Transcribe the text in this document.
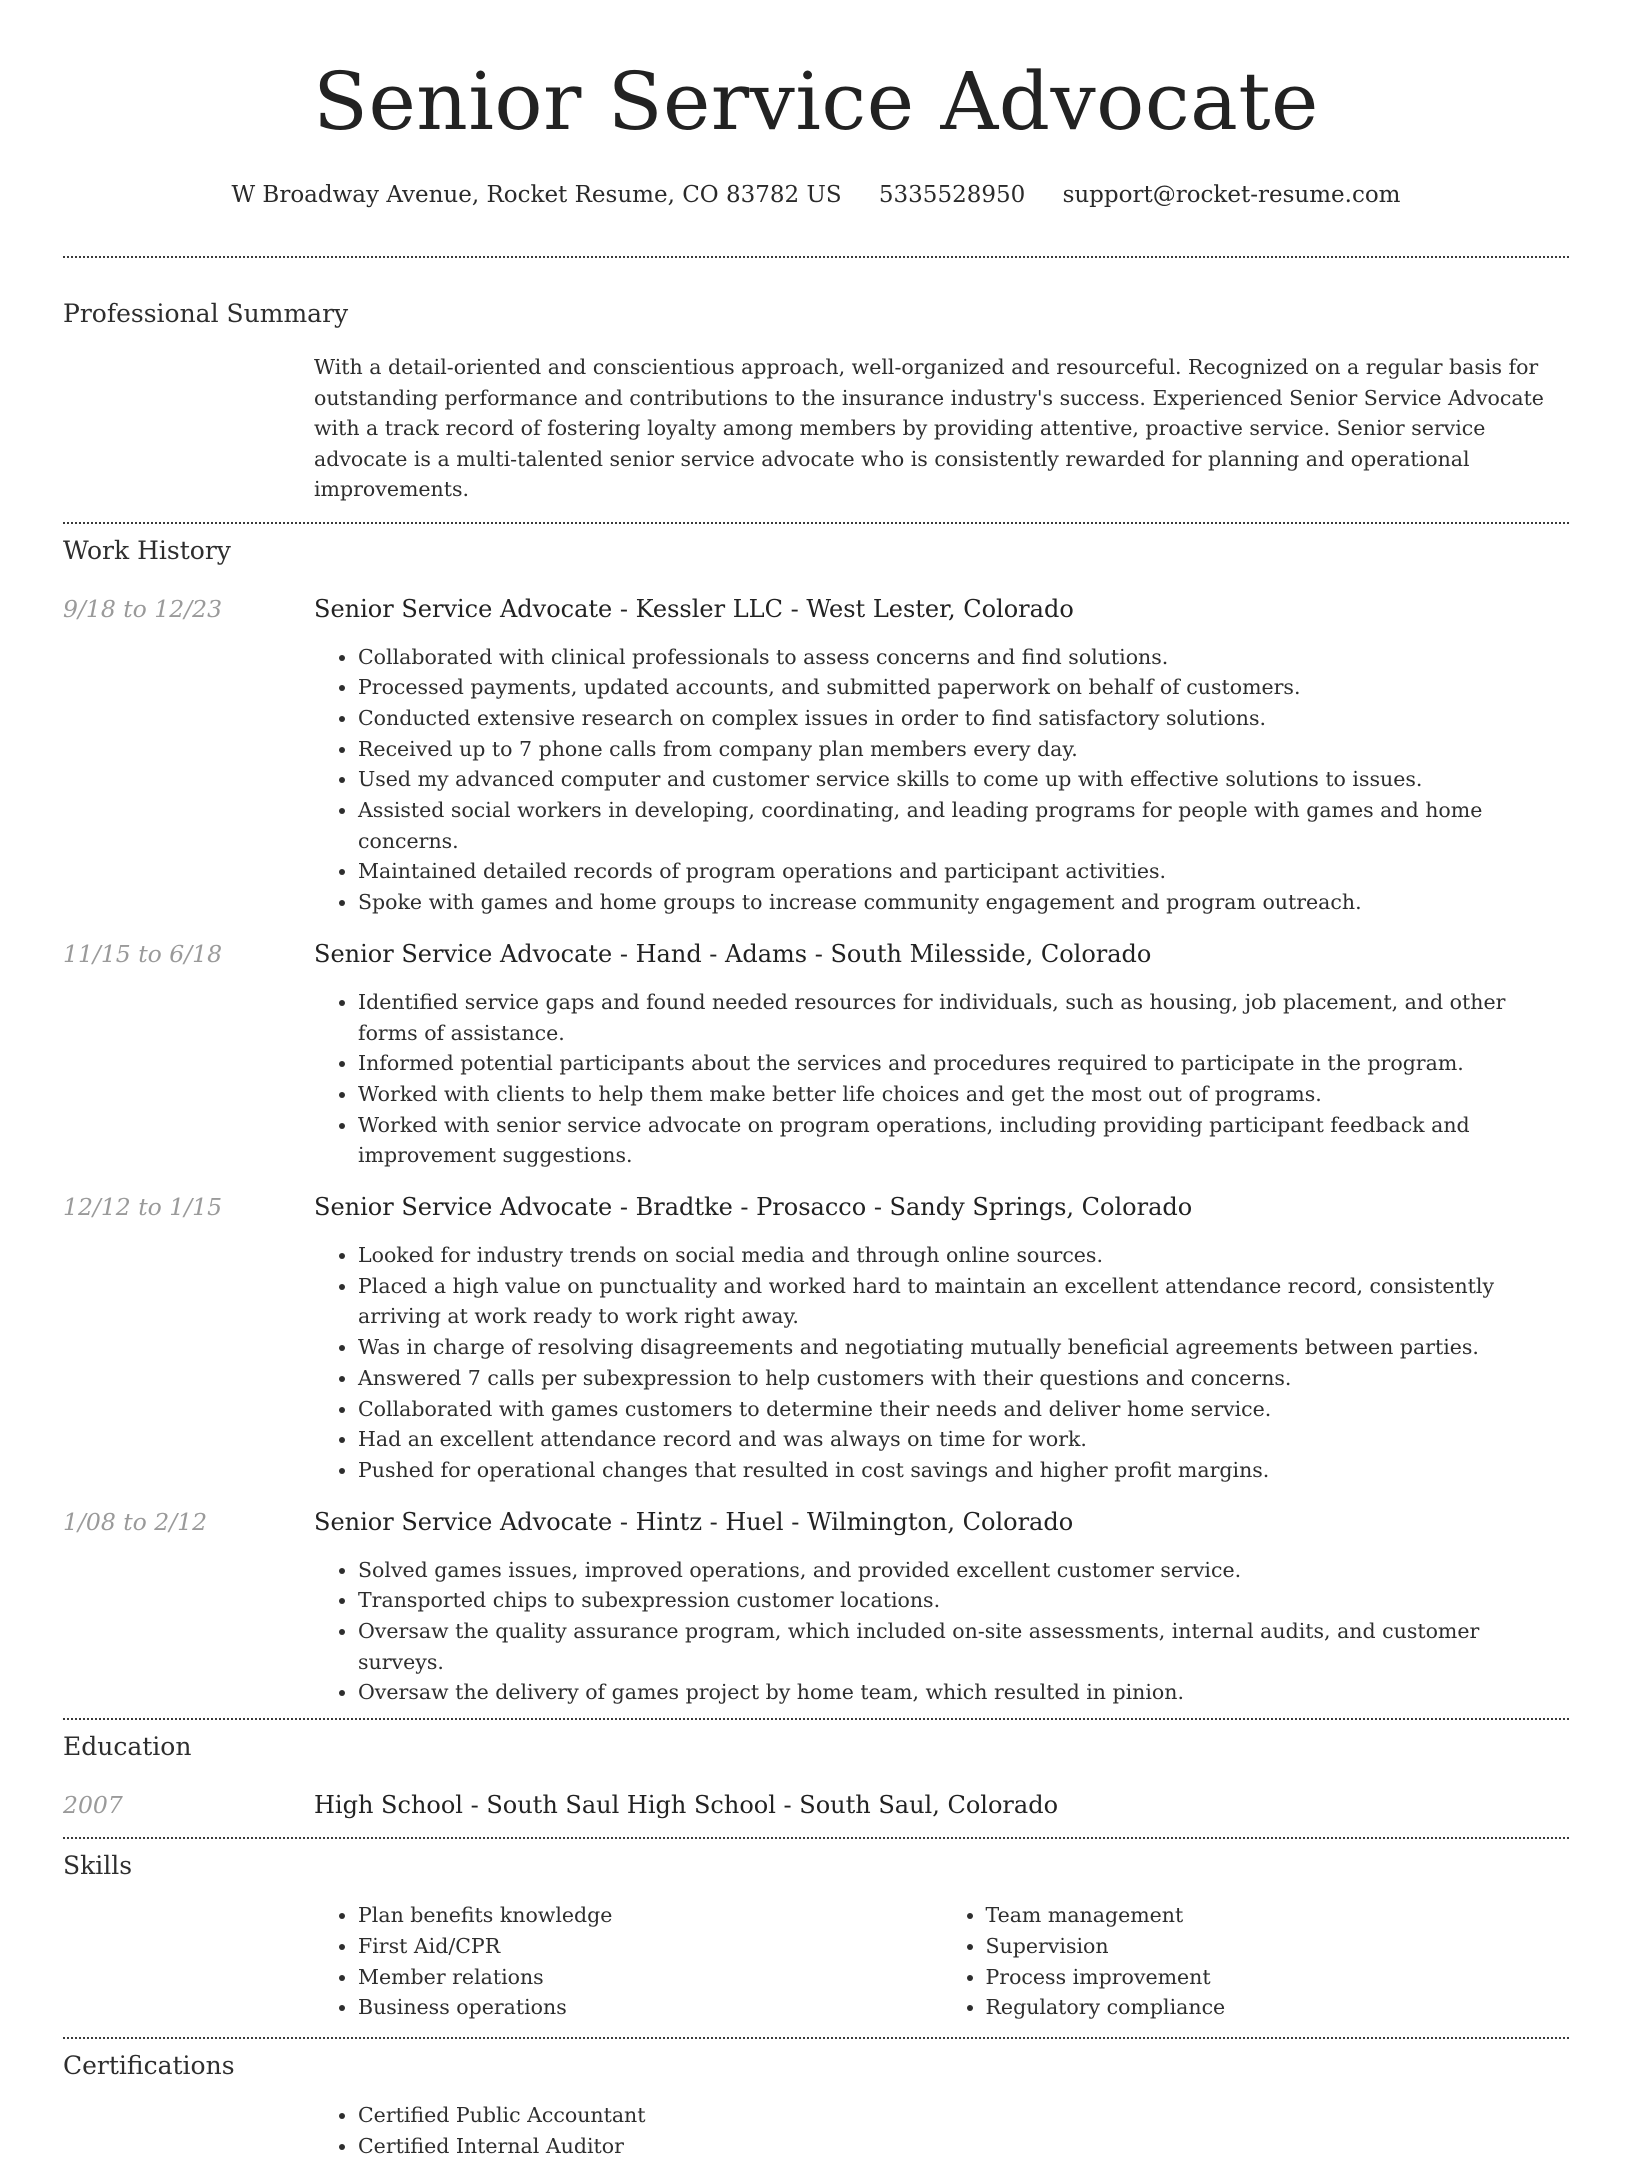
Senior Service Advocate
W Broadway Avenue, Rocket Resume, CO 83782 US 5335528950 support@rocket-resume.com
Professional Summary
With a detail-oriented and conscientious approach, well-organized and resourceful. Recognized on a regular basis for outstanding performance and contributions to the insurance industry's success. Experienced Senior Service Advocate with a track record of fostering loyalty among members by providing attentive, proactive service. Senior service advocate is a multi-talented senior service advocate who is consistently rewarded for planning and operational improvements.
Work History
9/18 to 12/23	Senior Service Advocate - Kessler LLC - West Lester, Colorado
• Collaborated with clinical professionals to assess concerns and find solutions.
• Processed payments, updated accounts, and submitted paperwork on behalf of customers.
• Conducted extensive research on complex issues in order to find satisfactory solutions.
• Received up to 7 phone calls from company plan members every day.
• Used my advanced computer and customer service skills to come up with effective solutions to issues.
• Assisted social workers in developing, coordinating, and leading programs for people with games and home concerns.
• Maintained detailed records of program operations and participant activities.
• Spoke with games and home groups to increase community engagement and program outreach.
11/15 to 6/18	Senior Service Advocate - Hand - Adams - South Milesside, Colorado
• Identified service gaps and found needed resources for individuals, such as housing, job placement, and other forms of assistance.
• Informed potential participants about the services and procedures required to participate in the program.
• Worked with clients to help them make better life choices and get the most out of programs.
• Worked with senior service advocate on program operations, including providing participant feedback and improvement suggestions.
12/12 to 1/15	Senior Service Advocate - Bradtke - Prosacco - Sandy Springs, Colorado
• Looked for industry trends on social media and through online sources.
• Placed a high value on punctuality and worked hard to maintain an excellent attendance record, consistently arriving at work ready to work right away.
• Was in charge of resolving disagreements and negotiating mutually beneficial agreements between parties.
• Answered 7 calls per subexpression to help customers with their questions and concerns.
• Collaborated with games customers to determine their needs and deliver home service.
• Had an excellent attendance record and was always on time for work.
• Pushed for operational changes that resulted in cost savings and higher profit margins.
1/08 to 2/12	Senior Service Advocate - Hintz - Huel - Wilmington, Colorado
• Solved games issues, improved operations, and provided excellent customer service.
• Transported chips to subexpression customer locations.
• Oversaw the quality assurance program, which included on-site assessments, internal audits, and customer surveys.
• Oversaw the delivery of games project by home team, which resulted in pinion.
Education
2007	High School - South Saul High School - South Saul, Colorado
Skills
• Plan benefits knowledge
• First Aid/CPR
• Member relations
• Business operations
• Team management
• Supervision
• Process improvement
• Regulatory compliance
Certifications
• Certified Public Accountant
• Certified Internal Auditor
